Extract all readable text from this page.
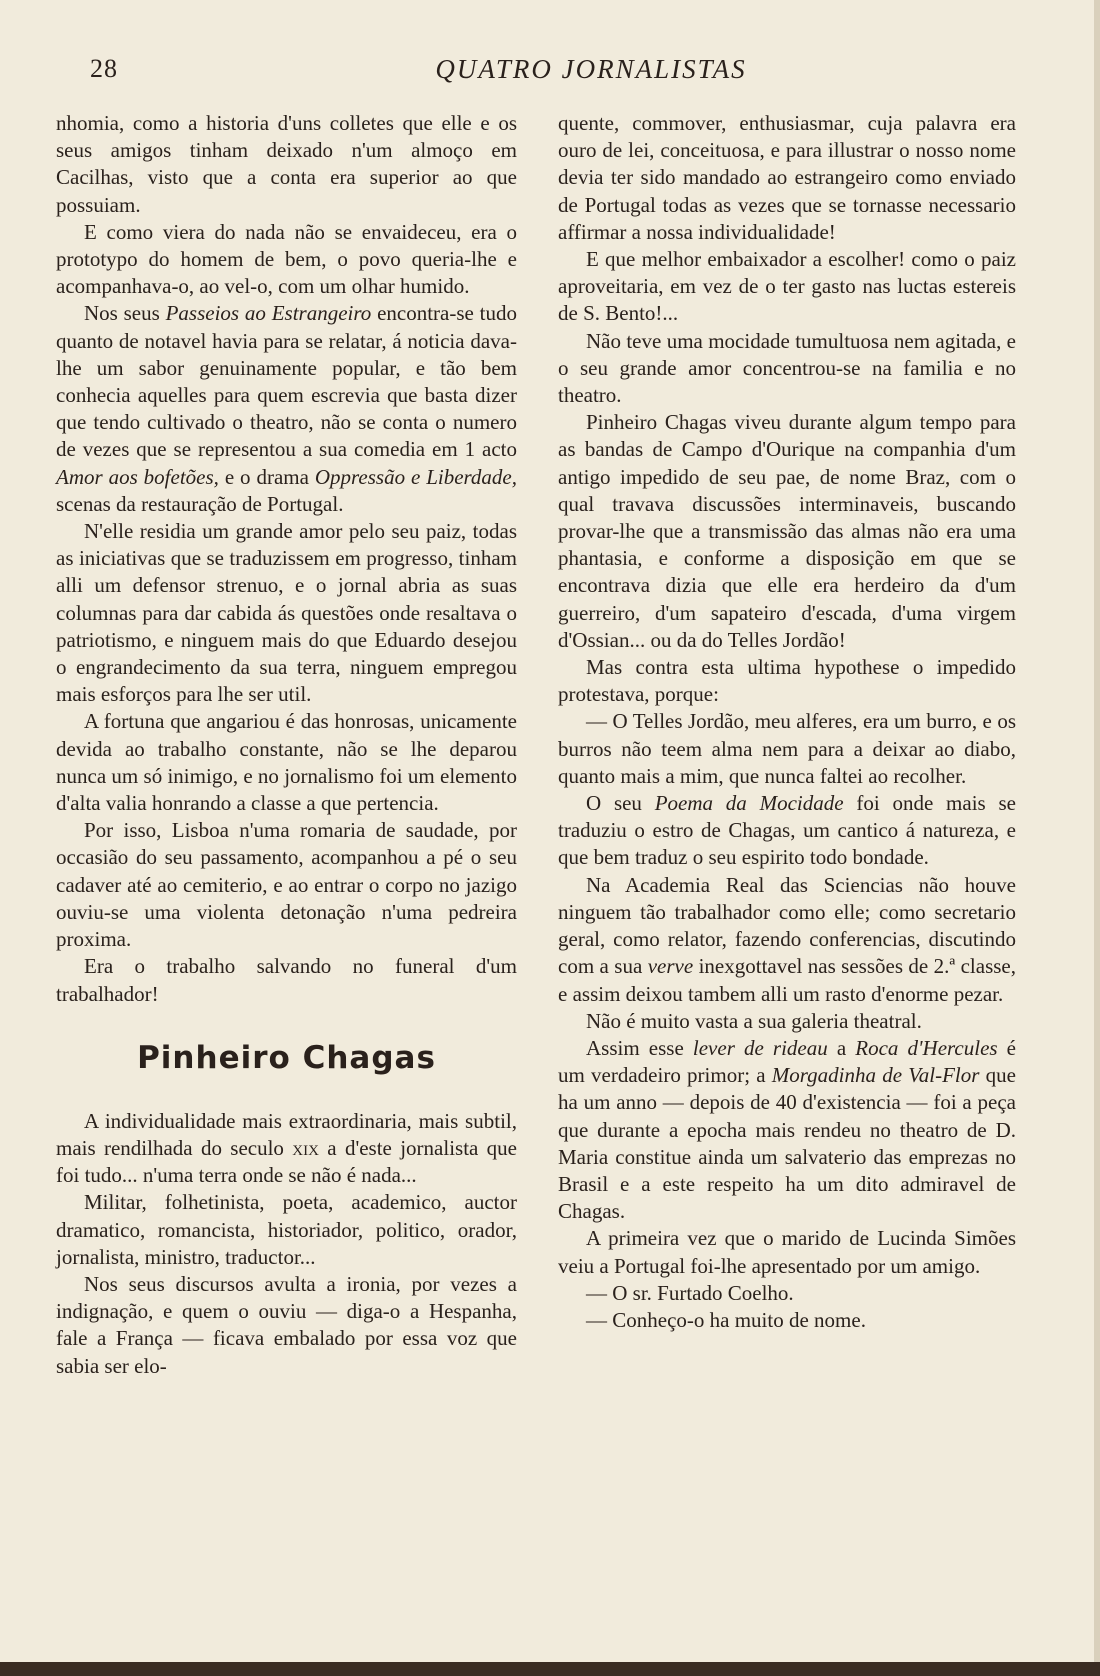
28	QUATRO JORNALISTAS

nhomia, como a historia d'uns colletes que elle e os seus amigos tinham deixado n'um almoço em Cacilhas, visto que a conta era superior ao que possuiam.

E como viera do nada não se envaideceu, era o prototypo do homem de bem, o povo queria-lhe e acompanhava-o, ao vel-o, com um olhar humido.

Nos seus Passeios ao Estrangeiro encontra-se tudo quanto de notavel havia para se relatar, á noticia dava-lhe um sabor genuinamente popular, e tão bem conhecia aquelles para quem escrevia que basta dizer que tendo cultivado o theatro, não se conta o numero de vezes que se representou a sua comedia em 1 acto Amor aos bofetões, e o drama Oppressão e Liberdade, scenas da restauração de Portugal.

N'elle residia um grande amor pelo seu paiz, todas as iniciativas que se traduzissem em progresso, tinham alli um defensor strenuo, e o jornal abria as suas columnas para dar cabida ás questões onde resaltava o patriotismo, e ninguem mais do que Eduardo desejou o engrandecimento da sua terra, ninguem empregou mais esforços para lhe ser util.

A fortuna que angariou é das honrosas, unicamente devida ao trabalho constante, não se lhe deparou nunca um só inimigo, e no jornalismo foi um elemento d'alta valia honrando a classe a que pertencia.

Por isso, Lisboa n'uma romaria de saudade, por occasião do seu passamento, acompanhou a pé o seu cadaver até ao cemiterio, e ao entrar o corpo no jazigo ouviu-se uma violenta detonação n'uma pedreira proxima.

Era o trabalho salvando no funeral d'um trabalhador!

Pinheiro Chagas

A individualidade mais extraordinaria, mais subtil, mais rendilhada do seculo xix a d'este jornalista que foi tudo... n'uma terra onde se não é nada...

Militar, folhetinista, poeta, academico, auctor dramatico, romancista, historiador, politico, orador, jornalista, ministro, traductor...

Nos seus discursos avulta a ironia, por vezes a indignação, e quem o ouviu — diga-o a Hespanha, fale a França — ficava embalado por essa voz que sabia ser elo-

quente, commover, enthusiasmar, cuja palavra era ouro de lei, conceituosa, e para illustrar o nosso nome devia ter sido mandado ao estrangeiro como enviado de Portugal todas as vezes que se tornasse necessario affirmar a nossa individualidade!

E que melhor embaixador a escolher! como o paiz aproveitaria, em vez de o ter gasto nas luctas estereis de S. Bento!...

Não teve uma mocidade tumultuosa nem agitada, e o seu grande amor concentrou-se na familia e no theatro.

Pinheiro Chagas viveu durante algum tempo para as bandas de Campo d'Ourique na companhia d'um antigo impedido de seu pae, de nome Braz, com o qual travava discussões interminaveis, buscando provar-lhe que a transmissão das almas não era uma phantasia, e conforme a disposição em que se encontrava dizia que elle era herdeiro da d'um guerreiro, d'um sapateiro d'escada, d'uma virgem d'Ossian... ou da do Telles Jordão!

Mas contra esta ultima hypothese o impedido protestava, porque:

— O Telles Jordão, meu alferes, era um burro, e os burros não teem alma nem para a deixar ao diabo, quanto mais a mim, que nunca faltei ao recolher.

O seu Poema da Mocidade foi onde mais se traduziu o estro de Chagas, um cantico á natureza, e que bem traduz o seu espirito todo bondade.

Na Academia Real das Sciencias não houve ninguem tão trabalhador como elle; como secretario geral, como relator, fazendo conferencias, discutindo com a sua verve inexgottavel nas sessões de 2.ª classe, e assim deixou tambem alli um rasto d'enorme pezar.

Não é muito vasta a sua galeria theatral.

Assim esse lever de rideau a Roca d'Hercules é um verdadeiro primor; a Morgadinha de Val-Flor que ha um anno — depois de 40 d'existencia — foi a peça que durante a epocha mais rendeu no theatro de D. Maria constitue ainda um salvaterio das emprezas no Brasil e a este respeito ha um dito admiravel de Chagas.

A primeira vez que o marido de Lucinda Simões veiu a Portugal foi-lhe apresentado por um amigo.

— O sr. Furtado Coelho.

— Conheço-o ha muito de nome.
